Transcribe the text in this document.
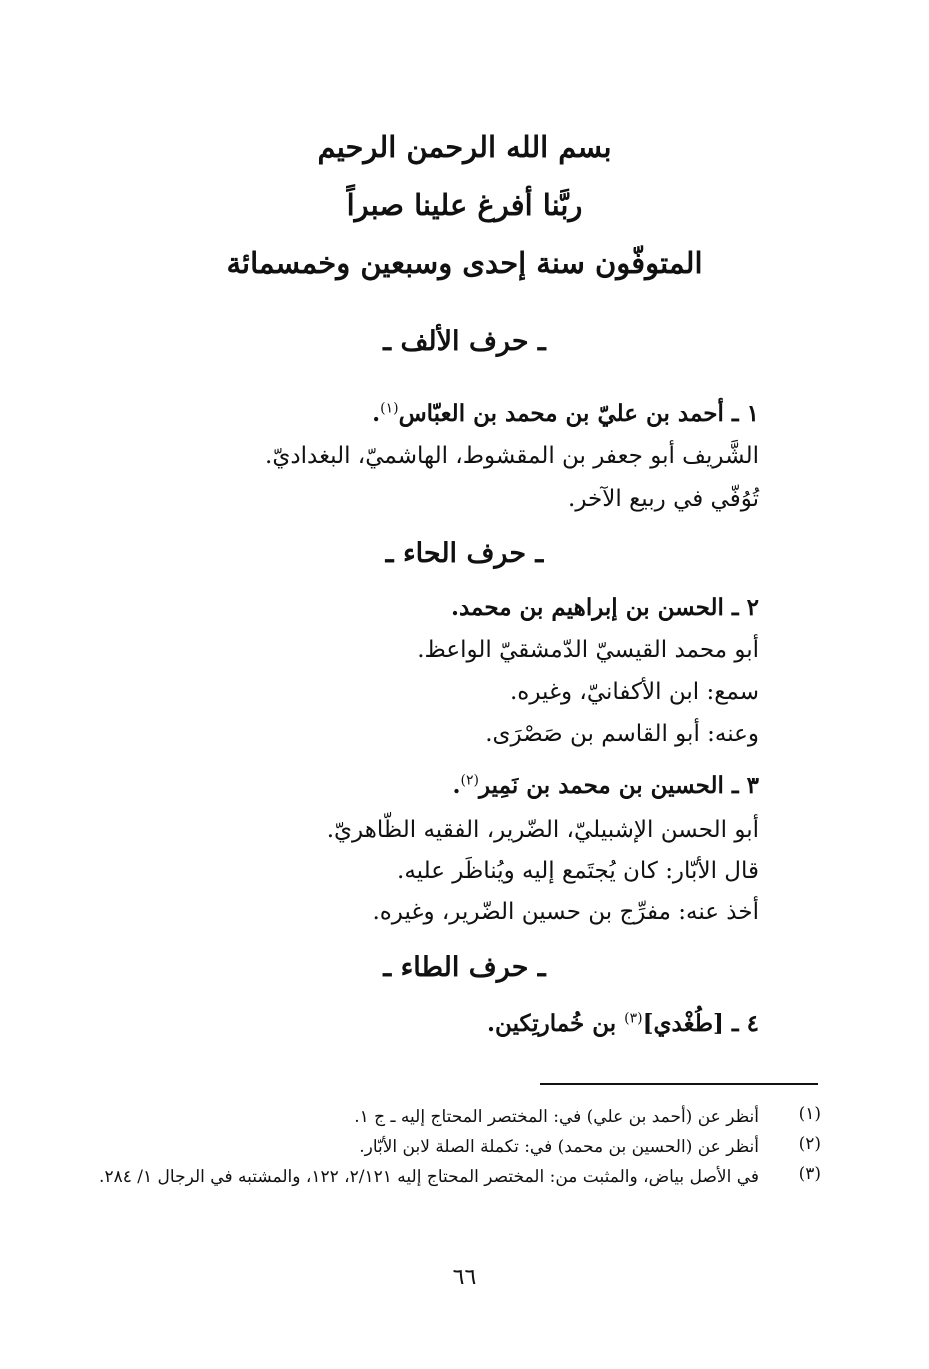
بسم الله الرحمن الرحيم
ربَّنا أفرغ علينا صبراً
المتوفّون سنة إحدى وسبعين وخمسمائة
ـ حرف الألف ـ
١ ـ أحمد بن عليّ بن محمد بن العبّاس$^{(١)}$.
الشَّريف أبو جعفر بن المقشوط، الهاشميّ، البغداديّ.
تُوُفّي في ربيع الآخر.
ـ حرف الحاء ـ
٢ ـ الحسن بن إبراهيم بن محمد.
أبو محمد القيسيّ الدّمشقيّ الواعظ.
سمع: ابن الأكفانيّ، وغيره.
وعنه: أبو القاسم بن صَصْرَى.
٣ ـ الحسين بن محمد بن نَمِير$^{(٢)}$.
أبو الحسن الإشبيليّ، الضّرير، الفقيه الظّاهريّ.
قال الأبّار: كان يُجتَمع إليه ويُناظَر عليه.
أخذ عنه: مفرِّج بن حسين الضّرير، وغيره.
ـ حرف الطاء ـ
٤ ـ [طُغْدي]$^{(٣)}$ بن خُمارتِكين.
(١)
أنظر عن (أحمد بن علي) في: المختصر المحتاج إليه ـ ج ١.
(٢)
أنظر عن (الحسين بن محمد) في: تكملة الصلة لابن الأبّار.
(٣)
في الأصل بياض، والمثبت من: المختصر المحتاج إليه ٢/١٢١، ١٢٢، والمشتبه في الرجال ١/ ٢٨٤.
٦٦
